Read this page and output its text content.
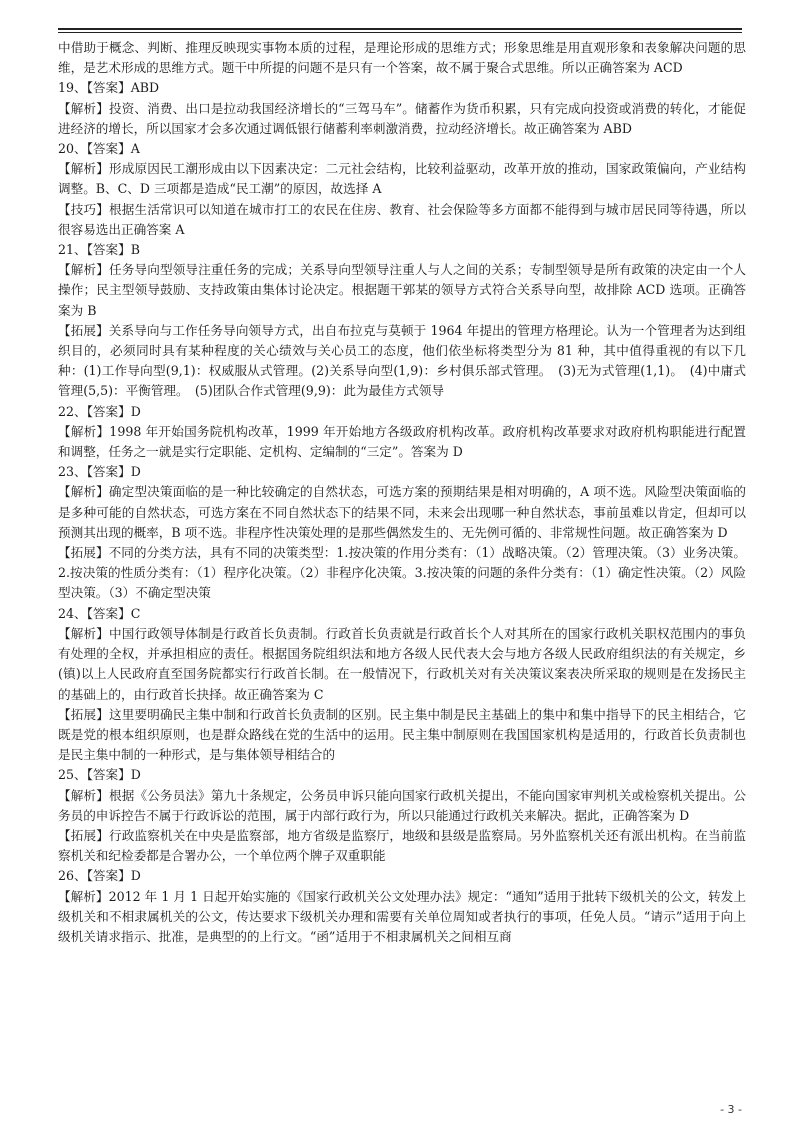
中借助于概念、判断、推理反映现实事物本质的过程，是理论形成的思维方式；形象思维是用直观形象和表象解决问题的思维，是艺术形成的思维方式。题干中所提的问题不是只有一个答案，故不属于聚合式思维。所以正确答案为 ACD

19、【答案】ABD

【解析】投资、消费、出口是拉动我国经济增长的“三驾马车”。储蓄作为货币积累，只有完成向投资或消费的转化，才能促进经济的增长，所以国家才会多次通过调低银行储蓄利率刺激消费，拉动经济增长。故正确答案为 ABD

20、【答案】A

【解析】形成原因民工潮形成由以下因素决定：二元社会结构，比较利益驱动，改革开放的推动，国家政策偏向，产业结构调整。B、C、D 三项都是造成“民工潮”的原因，故选择 A

【技巧】根据生活常识可以知道在城市打工的农民在住房、教育、社会保险等多方面都不能得到与城市居民同等待遇，所以很容易选出正确答案 A

21、【答案】B

【解析】任务导向型领导注重任务的完成；关系导向型领导注重人与人之间的关系；专制型领导是所有政策的决定由一个人操作；民主型领导鼓励、支持政策由集体讨论决定。根据题干郭某的领导方式符合关系导向型，故排除 ACD 选项。正确答案为 B

【拓展】关系导向与工作任务导向领导方式，出自布拉克与莫顿于 1964 年提出的管理方格理论。认为一个管理者为达到组织目的，必须同时具有某种程度的关心绩效与关心员工的态度，他们依坐标将类型分为 81 种，其中值得重视的有以下几种：(1)工作导向型(9,1)：权威服从式管理。(2)关系导向型(1,9)：乡村俱乐部式管理。　(3)无为式管理(1,1)。　(4)中庸式管理(5,5)：平衡管理。　(5)团队合作式管理(9,9)：此为最佳方式领导

22、【答案】D

【解析】1998 年开始国务院机构改革，1999 年开始地方各级政府机构改革。政府机构改革要求对政府机构职能进行配置和调整，任务之一就是实行定职能、定机构、定编制的“三定”。答案为 D

23、【答案】D

【解析】确定型决策面临的是一种比较确定的自然状态，可选方案的预期结果是相对明确的，A 项不选。风险型决策面临的是多种可能的自然状态，可选方案在不同自然状态下的结果不同，未来会出现哪一种自然状态，事前虽难以肯定，但却可以预测其出现的概率，B 项不选。非程序性决策处理的是那些偶然发生的、无先例可循的、非常规性问题。故正确答案为 D

【拓展】不同的分类方法，具有不同的决策类型：1.按决策的作用分类有：（1）战略决策。（2）管理决策。（3）业务决策。2.按决策的性质分类有：（1）程序化决策。（2）非程序化决策。3.按决策的问题的条件分类有：（1）确定性决策。（2）风险型决策。（3）不确定型决策

24、【答案】C

【解析】中国行政领导体制是行政首长负责制。行政首长负责就是行政首长个人对其所在的国家行政机关职权范围内的事负有处理的全权，并承担相应的责任。根据国务院组织法和地方各级人民代表大会与地方各级人民政府组织法的有关规定，乡(镇)以上人民政府直至国务院都实行行政首长制。在一般情况下，行政机关对有关决策议案表决所采取的规则是在发扬民主的基础上的，由行政首长抉择。故正确答案为 C

【拓展】这里要明确民主集中制和行政首长负责制的区别。民主集中制是民主基础上的集中和集中指导下的民主相结合，它既是党的根本组织原则，也是群众路线在党的生活中的运用。民主集中制原则在我国国家机构是适用的，行政首长负责制也是民主集中制的一种形式，是与集体领导相结合的

25、【答案】D

【解析】根据《公务员法》第九十条规定，公务员申诉只能向国家行政机关提出，不能向国家审判机关或检察机关提出。公务员的申诉控告不属于行政诉讼的范围，属于内部行政行为，所以只能通过行政机关来解决。据此，正确答案为 D

【拓展】行政监察机关在中央是监察部，地方省级是监察厅，地级和县级是监察局。另外监察机关还有派出机构。在当前监察机关和纪检委都是合署办公，一个单位两个牌子双重职能

26、【答案】D

【解析】2012 年 1 月 1 日起开始实施的《国家行政机关公文处理办法》规定：“通知”适用于批转下级机关的公文，转发上级机关和不相隶属机关的公文，传达要求下级机关办理和需要有关单位周知或者执行的事项，任免人员。“请示”适用于向上级机关请求指示、批准，是典型的的上行文。“函”适用于不相隶属机关之间相互商

- 3 -
